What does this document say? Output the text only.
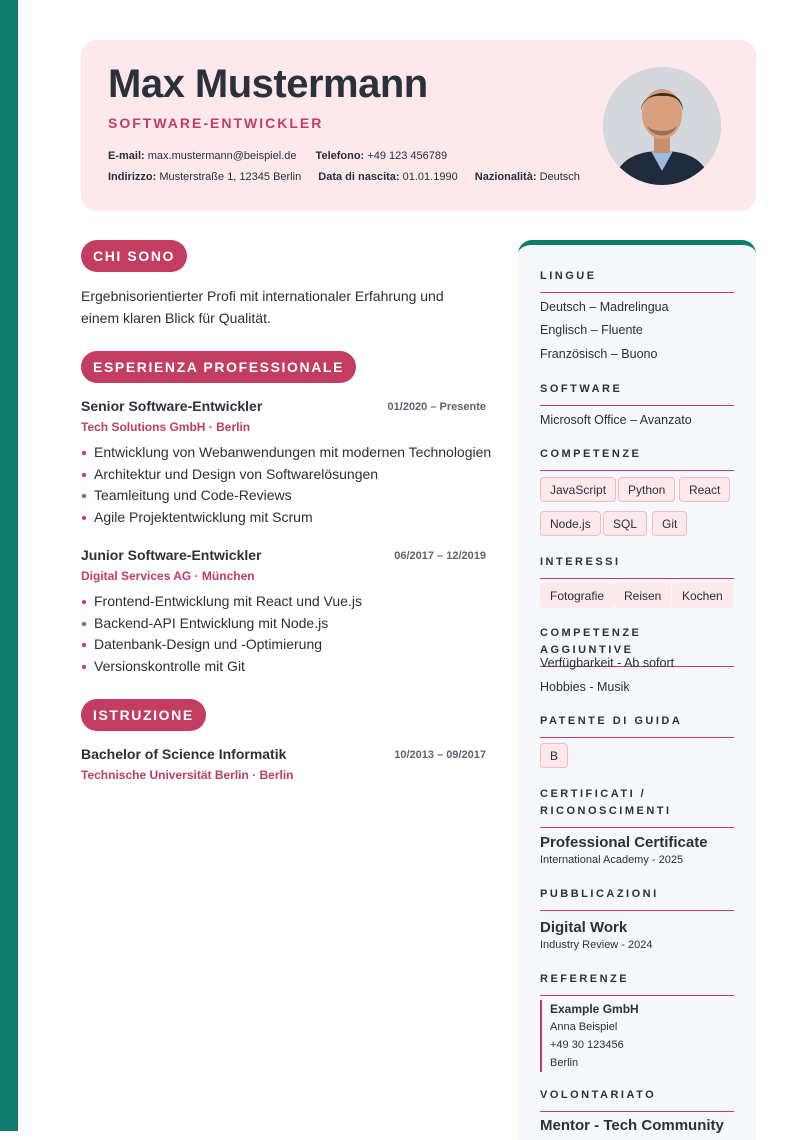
Max Mustermann
SOFTWARE-ENTWICKLER
E-mail: max.mustermann@beispiel.de Telefono: +49 123 456789
Indirizzo: Musterstraße 1, 12345 Berlin Data di nascita: 01.01.1990 Nazionalità: Deutsch
CHI SONO
Ergebnisorientierter Profi mit internationaler Erfahrung und einem klaren Blick für Qualität.
ESPERIENZA PROFESSIONALE
Senior Software-Entwickler	01/2020 – Presente
Tech Solutions GmbH · Berlin
Entwicklung von Webanwendungen mit modernen Technologien
Architektur und Design von Softwarelösungen
Teamleitung und Code-Reviews
Agile Projektentwicklung mit Scrum
Junior Software-Entwickler	06/2017 – 12/2019
Digital Services AG · München
Frontend-Entwicklung mit React und Vue.js
Backend-API Entwicklung mit Node.js
Datenbank-Design und -Optimierung
Versionskontrolle mit Git
ISTRUZIONE
Bachelor of Science Informatik	10/2013 – 09/2017
Technische Universität Berlin · Berlin
LINGUE
Deutsch – Madrelingua
Englisch – Fluente
Französisch – Buono
SOFTWARE
Microsoft Office – Avanzato
COMPETENZE
JavaScript	Python	React
Node.js	SQL	Git
INTERESSI
Fotografie	Reisen	Kochen
COMPETENZE AGGIUNTIVE
Verfügbarkeit - Ab sofort
Hobbies - Musik
PATENTE DI GUIDA
B
CERTIFICATI /
RICONOSCIMENTI
Professional Certificate
International Academy - 2025
PUBBLICAZIONI
Digital Work
Industry Review - 2024
REFERENZE
Example GmbH
Anna Beispiel
+49 30 123456
Berlin
VOLONTARIATO
Mentor - Tech Community
